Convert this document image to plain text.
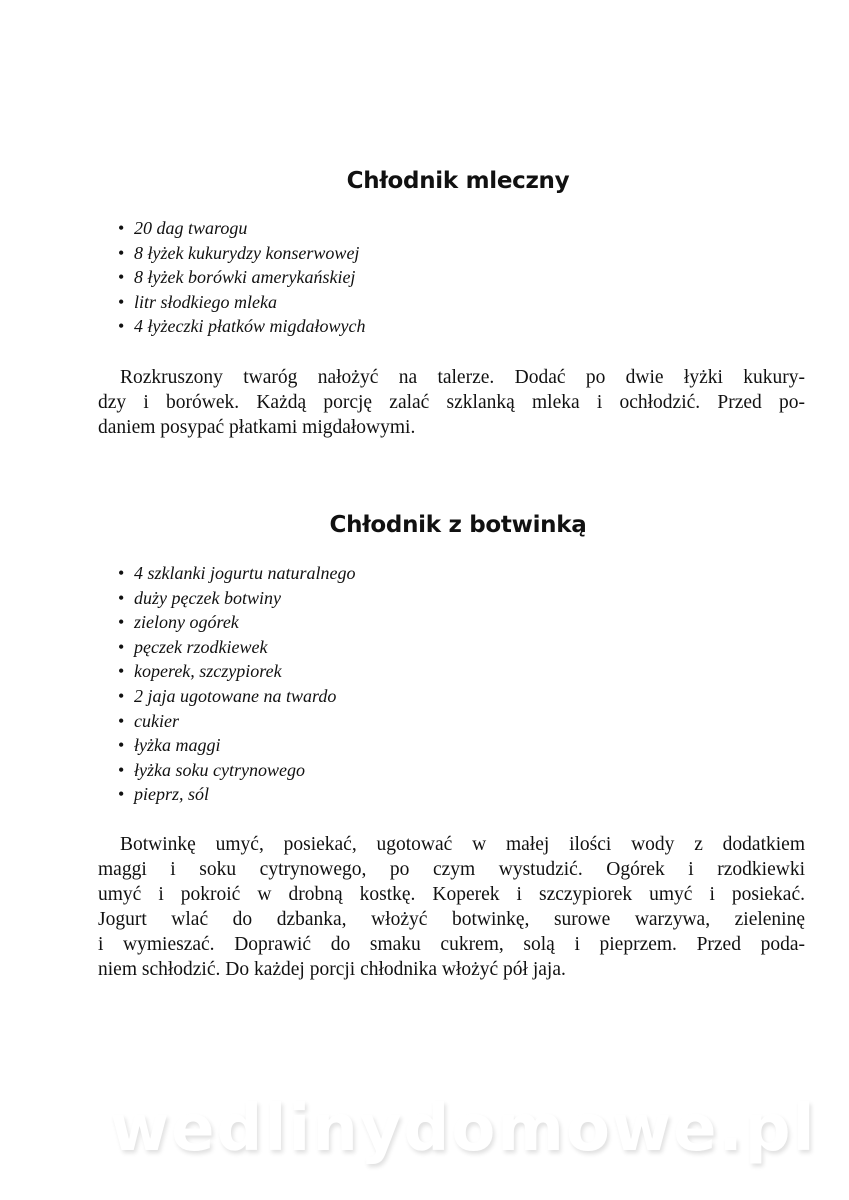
Chłodnik mleczny
• 20 dag twarogu
• 8 łyżek kukurydzy konserwowej
• 8 łyżek borówki amerykańskiej
• litr słodkiego mleka
• 4 łyżeczki płatków migdałowych
Rozkruszony twaróg nałożyć na talerze. Dodać po dwie łyżki kukury-
dzy i borówek. Każdą porcję zalać szklanką mleka i ochłodzić. Przed po-
daniem posypać płatkami migdałowymi.
Chłodnik z botwinką
• 4 szklanki jogurtu naturalnego
• duży pęczek botwiny
• zielony ogórek
• pęczek rzodkiewek
• koperek, szczypiorek
• 2 jaja ugotowane na twardo
• cukier
• łyżka maggi
• łyżka soku cytrynowego
• pieprz, sól
Botwinkę umyć, posiekać, ugotować w małej ilości wody z dodatkiem
maggi i soku cytrynowego, po czym wystudzić. Ogórek i rzodkiewki
umyć i pokroić w drobną kostkę. Koperek i szczypiorek umyć i posiekać.
Jogurt wlać do dzbanka, włożyć botwinkę, surowe warzywa, zieleninę
i wymieszać. Doprawić do smaku cukrem, solą i pieprzem. Przed poda-
niem schłodzić. Do każdej porcji chłodnika włożyć pół jaja.
wedlinydomowe.pl
